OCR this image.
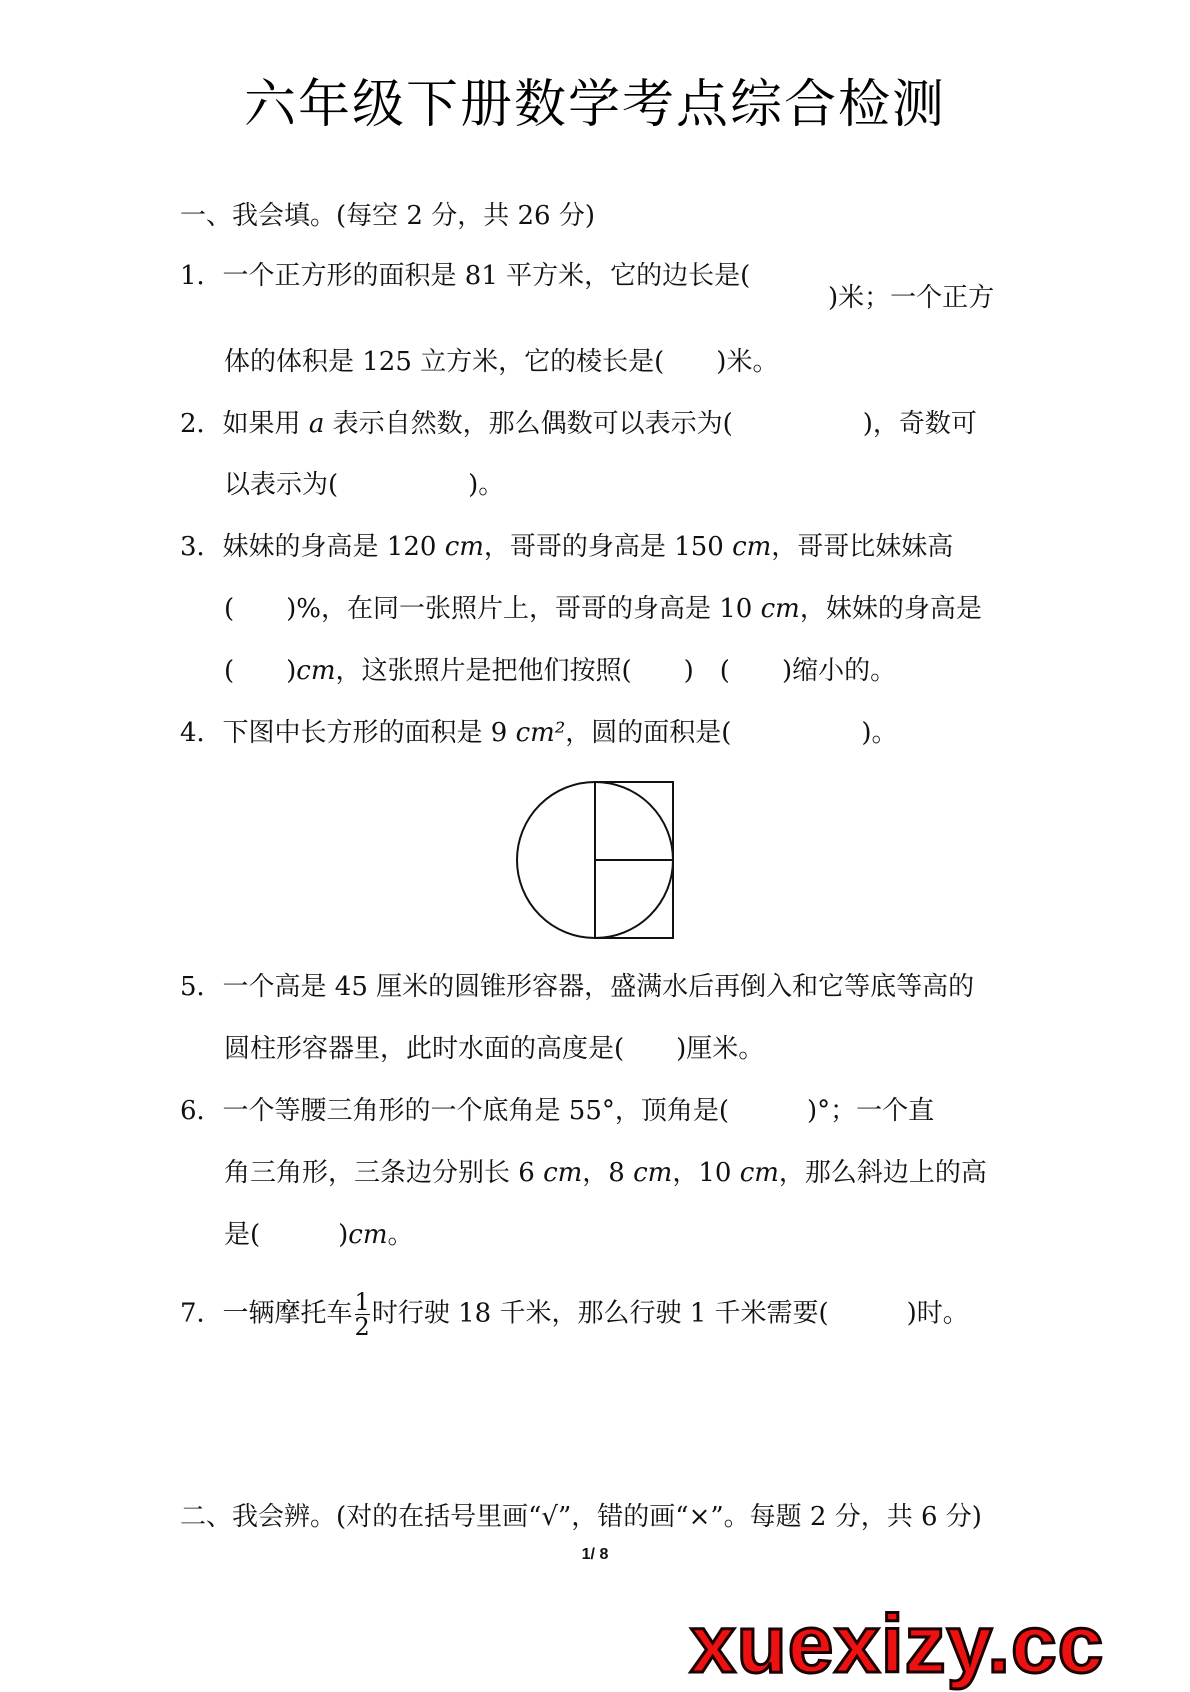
六年级下册数学考点综合检测
一、我会填。(每空 2 分，共 26 分)
1．一个正方形的面积是 81 平方米，它的边长是(
)米；一个正方
体的体积是 125 立方米，它的棱长是(　　)米。
2．如果用 a 表示自然数，那么偶数可以表示为(　　　　　)，奇数可
以表示为(　　　　　)。
3．妹妹的身高是 120 cm，哥哥的身高是 150 cm，哥哥比妹妹高
(　　)%，在同一张照片上，哥哥的身高是 10 cm，妹妹的身高是
(　　)cm，这张照片是把他们按照(　　)　(　　)缩小的。
4．下图中长方形的面积是 9 cm²，圆的面积是(　　　　　)。
5．一个高是 45 厘米的圆锥形容器，盛满水后再倒入和它等底等高的
圆柱形容器里，此时水面的高度是(　　)厘米。
6．一个等腰三角形的一个底角是 55°，顶角是(　　　)°；一个直
角三角形，三条边分别长 6 cm，8 cm，10 cm，那么斜边上的高
是(　　　)cm。
7．一辆摩托车 $\frac{1}{2}$ 时行驶 18 千米，那么行驶 1 千米需要(　　　)时。
二、我会辨。(对的在括号里画“√”，错的画“×”。每题 2 分，共 6 分)
1/ 8
xuexizy.cc
